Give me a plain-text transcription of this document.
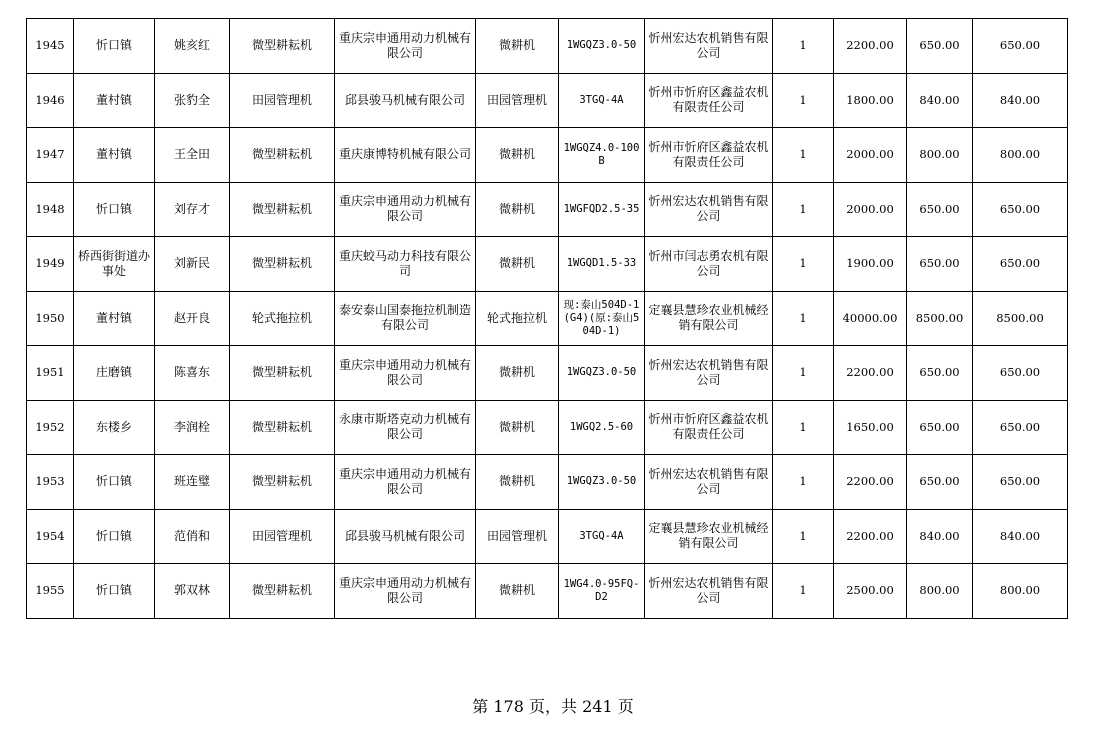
1945	忻口镇	姚亥红	微型耕耘机	重庆宗申通用动力机械有限公司	微耕机	1WGQZ3.0-50	忻州宏达农机销售有限公司	1	2200.00	650.00	650.00
1946	董村镇	张豹全	田园管理机	邱县骏马机械有限公司	田园管理机	3TGQ-4A	忻州市忻府区鑫益农机有限责任公司	1	1800.00	840.00	840.00
1947	董村镇	王全田	微型耕耘机	重庆康博特机械有限公司	微耕机	1WGQZ4.0-100B	忻州市忻府区鑫益农机有限责任公司	1	2000.00	800.00	800.00
1948	忻口镇	刘存才	微型耕耘机	重庆宗申通用动力机械有限公司	微耕机	1WGFQD2.5-35	忻州宏达农机销售有限公司	1	2000.00	650.00	650.00
1949	桥西街街道办事处	刘新民	微型耕耘机	重庆蛟马动力科技有限公司	微耕机	1WGQD1.5-33	忻州市闫志勇农机有限公司	1	1900.00	650.00	650.00
1950	董村镇	赵开良	轮式拖拉机	泰安泰山国泰拖拉机制造有限公司	轮式拖拉机	现:泰山504D-1(G4)(原:泰山504D-1)	定襄县慧珍农业机械经销有限公司	1	40000.00	8500.00	8500.00
1951	庄磨镇	陈喜东	微型耕耘机	重庆宗申通用动力机械有限公司	微耕机	1WGQZ3.0-50	忻州宏达农机销售有限公司	1	2200.00	650.00	650.00
1952	东楼乡	李润栓	微型耕耘机	永康市斯塔克动力机械有限公司	微耕机	1WGQ2.5-60	忻州市忻府区鑫益农机有限责任公司	1	1650.00	650.00	650.00
1953	忻口镇	班连璧	微型耕耘机	重庆宗申通用动力机械有限公司	微耕机	1WGQZ3.0-50	忻州宏达农机销售有限公司	1	2200.00	650.00	650.00
1954	忻口镇	范俏和	田园管理机	邱县骏马机械有限公司	田园管理机	3TGQ-4A	定襄县慧珍农业机械经销有限公司	1	2200.00	840.00	840.00
1955	忻口镇	郭双林	微型耕耘机	重庆宗申通用动力机械有限公司	微耕机	1WG4.0-95FQ-D2	忻州宏达农机销售有限公司	1	2500.00	800.00	800.00
第 178 页，共 241 页
